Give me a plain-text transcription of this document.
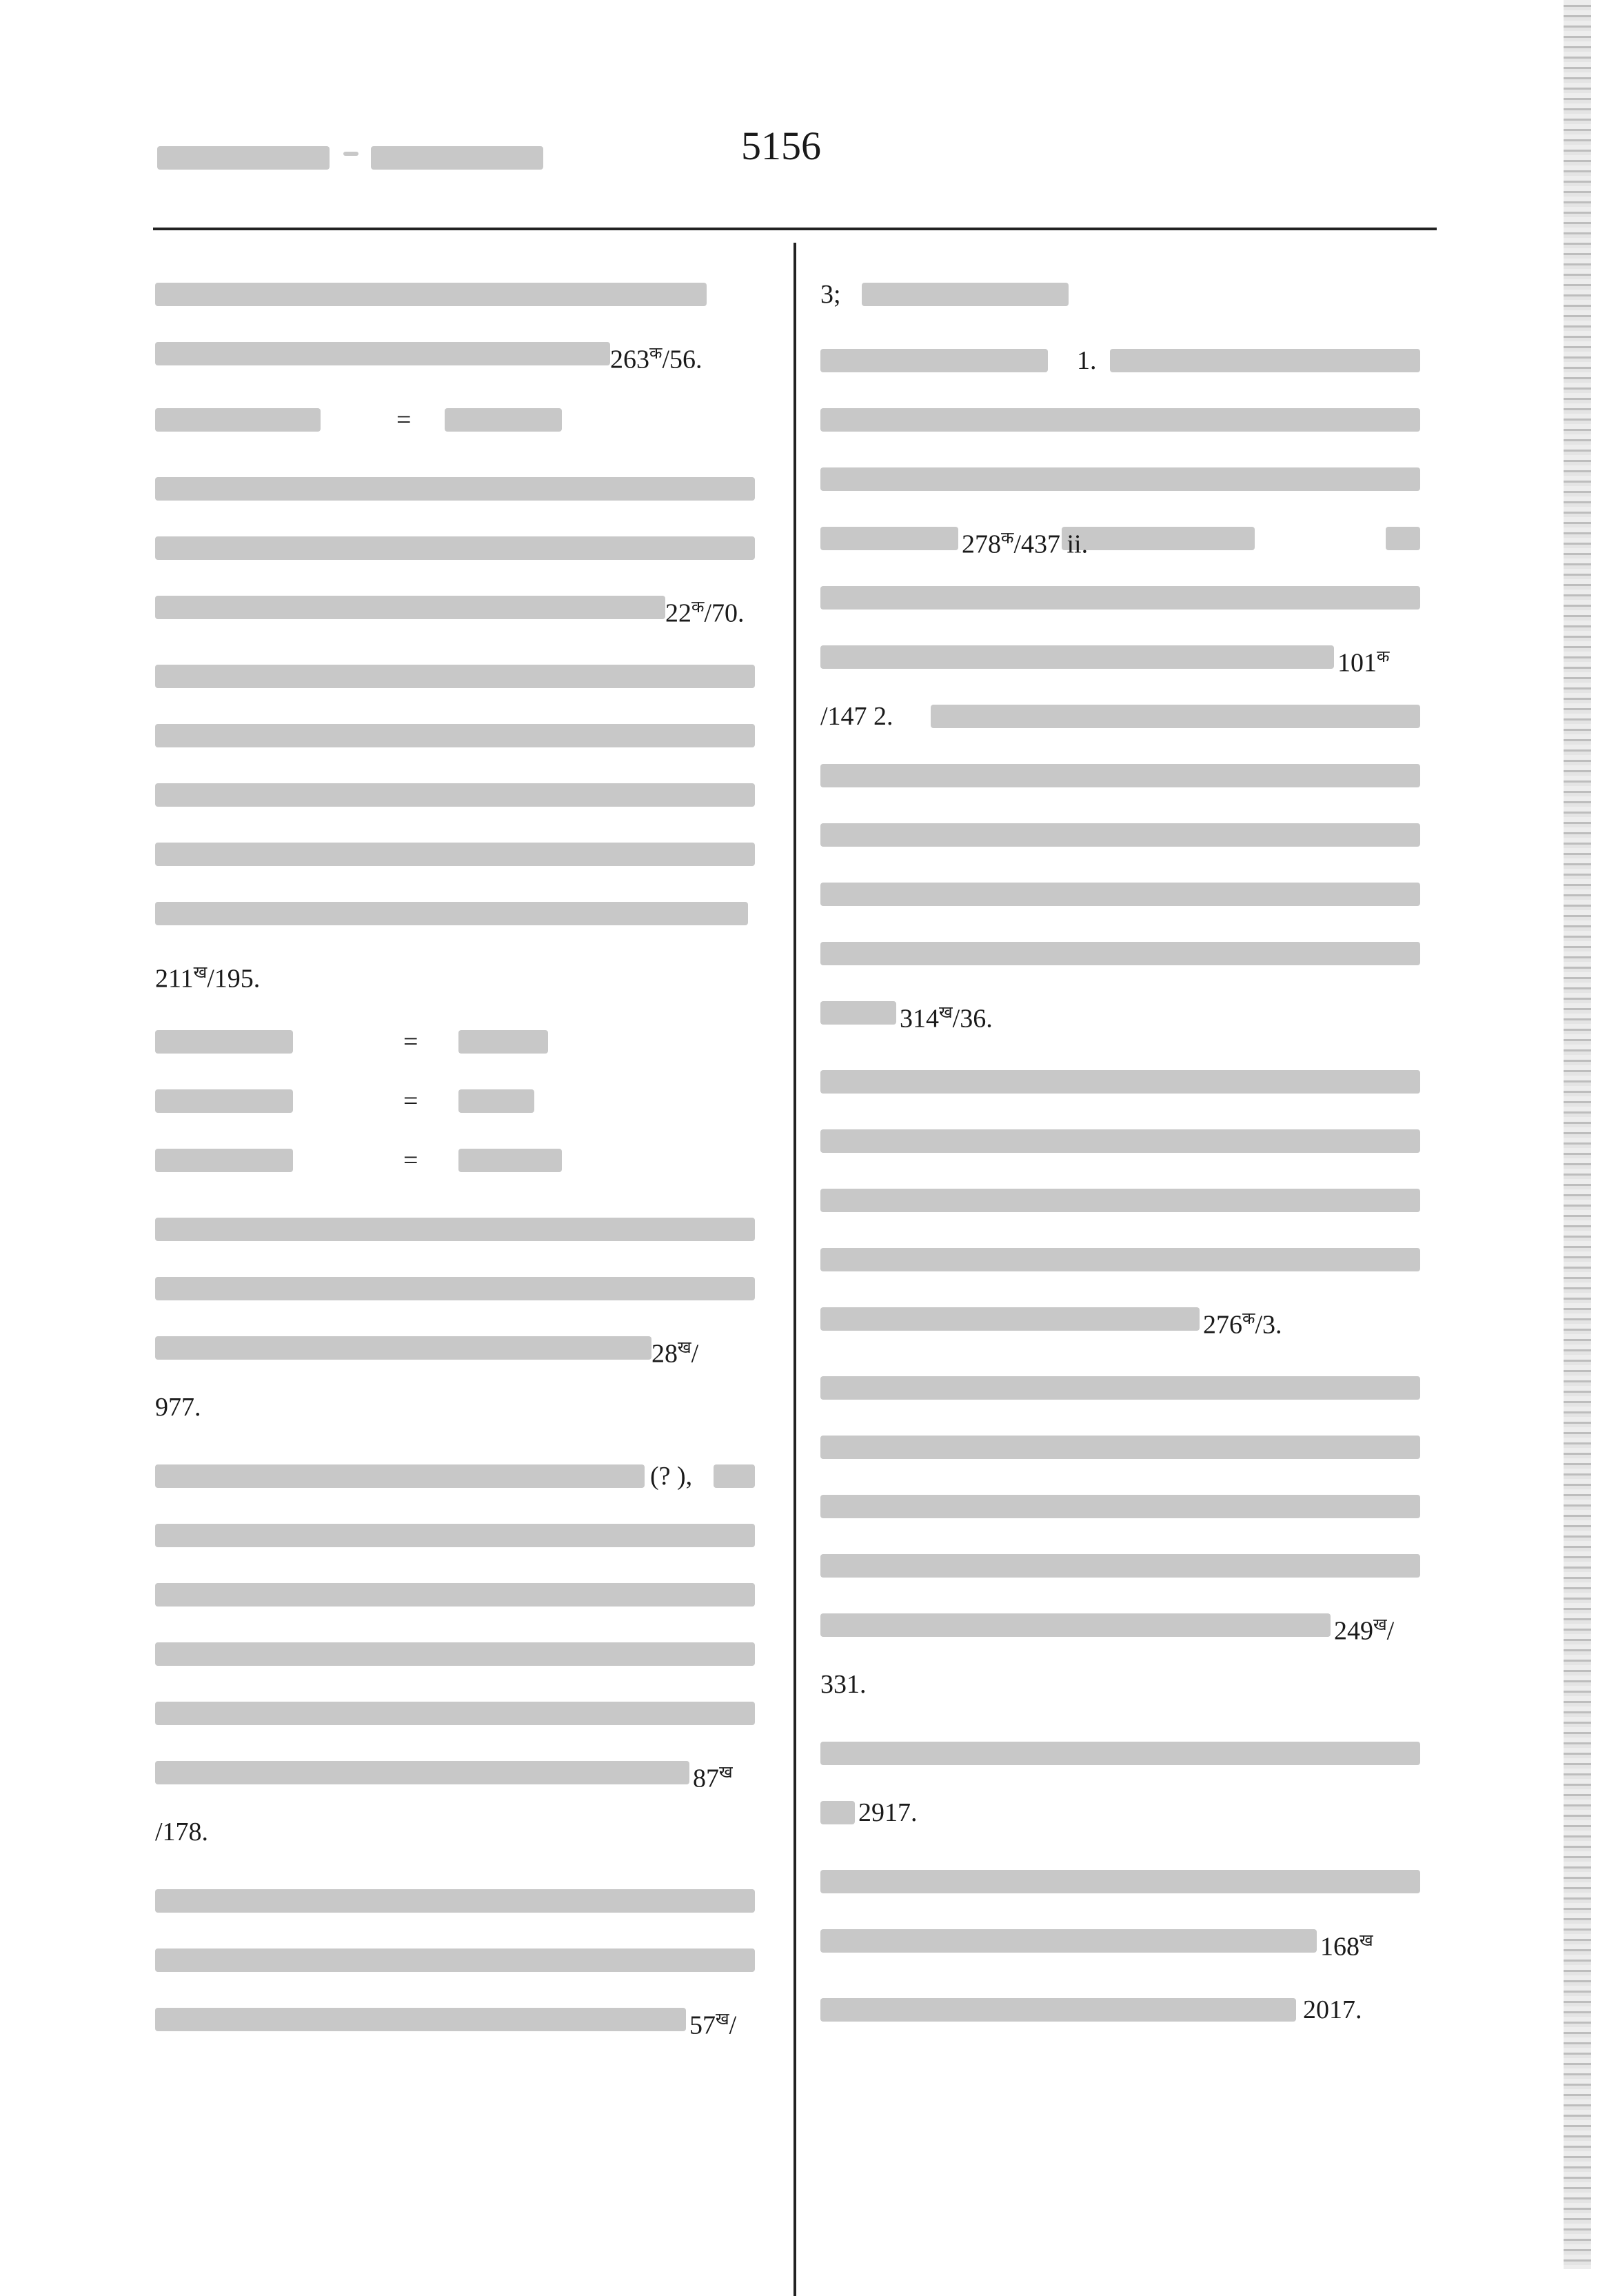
5156
$263^क/56$.
=
$22^क/70$.
$211^ख/195$.
=
=
=
$28^ख/$
977.
(? ),
$87^ख$
/178.
$57^ख/$
3;
1.
$278^क/437$ ii.
$101^क$
/147 2.
$314^ख/36$.
$276^क/3$.
$249^ख/$
331.
2917.
$168^ख$
2017.
